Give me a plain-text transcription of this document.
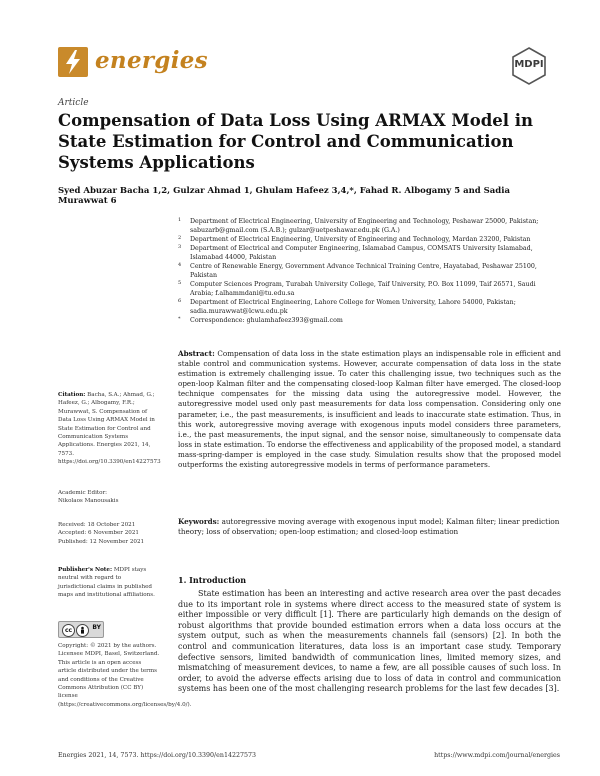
energies	MDPI
Article
Compensation of Data Loss Using ARMAX Model in State Estimation for Control and Communication Systems Applications
Syed Abuzar Bacha 1,2, Gulzar Ahmad 1, Ghulam Hafeez 3,4,*, Fahad R. Albogamy 5 and Sadia Murawwat 6
1 Department of Electrical Engineering, University of Engineering and Technology, Peshawar 25000, Pakistan; sabuzarb@gmail.com (S.A.B.); gulzar@uetpeshawar.edu.pk (G.A.)
2 Department of Electrical Engineering, University of Engineering and Technology, Mardan 23200, Pakistan
3 Department of Electrical and Computer Engineering, Islamabad Campus, COMSATS University Islamabad, Islamabad 44000, Pakistan
4 Centre of Renewable Energy, Government Advance Technical Training Centre, Hayatabad, Peshawar 25100, Pakistan
5 Computer Sciences Program, Turabah University College, Taif University, P.O. Box 11099, Taif 26571, Saudi Arabia; f.alhammdani@tu.edu.sa
6 Department of Electrical Engineering, Lahore College for Women University, Lahore 54000, Pakistan; sadia.murawwat@lcwu.edu.pk
* Correspondence: ghulamhafeez393@gmail.com
Abstract: Compensation of data loss in the state estimation plays an indispensable role in efficient and stable control and communication systems. However, accurate compensation of data loss in the state estimation is extremely challenging issue. To cater this challenging issue, two techniques such as the open-loop Kalman filter and the compensating closed-loop Kalman filter have emerged. The closed-loop technique compensates for the missing data using the autoregressive model. However, the autoregressive model used only past measurements for data loss compensation. Considering only one parameter, i.e., the past measurements, is insufficient and leads to inaccurate state estimation. Thus, in this work, autoregressive moving average with exogenous inputs model considers three parameters, i.e., the past measurements, the input signal, and the sensor noise, simultaneously to compensate data loss in state estimation. To endorse the effectiveness and applicability of the proposed model, a standard mass-spring-damper is employed in the case study. Simulation results show that the proposed model outperforms the existing autoregressive models in terms of performance parameters.
Keywords: autoregressive moving average with exogenous input model; Kalman filter; linear prediction theory; loss of observation; open-loop estimation; and closed-loop estimation
Citation: Bacha, S.A.; Ahmad, G.; Hafeez, G.; Albogamy, F.R.; Murawwat, S. Compensation of Data Loss Using ARMAX Model in State Estimation for Control and Communication Systems Applications. Energies 2021, 14, 7573. https://doi.org/10.3390/en14227573
Academic Editor:
Nikolaos Manousakis
Received: 18 October 2021
Accepted: 6 November 2021
Published: 12 November 2021
Publisher's Note: MDPI stays neutral with regard to jurisdictional claims in published maps and institutional affiliations.
cc	BY
Copyright: © 2021 by the authors. Licensee MDPI, Basel, Switzerland. This article is an open access article distributed under the terms and conditions of the Creative Commons Attribution (CC BY) license (https://creativecommons.org/licenses/by/4.0/).
1. Introduction
State estimation has been an interesting and active research area over the past decades due to its important role in systems where direct access to the measured state of system is either impossible or very difficult [1]. There are particularly high demands on the design of robust algorithms that provide bounded estimation errors when a data loss occurs at the system output, such as when the measurements channels fail (sensors) [2]. In both the control and communication literatures, data loss is an important case study. Temporary defective sensors, limited bandwidth of communication lines, limited memory sizes, and mismatching of measurement devices, to name a few, are all possible causes of such loss. In order, to avoid the adverse effects arising due to loss of data in control and communication systems has been one of the most challenging research problems for the last few decades [3].
Energies 2021, 14, 7573. https://doi.org/10.3390/en14227573	https://www.mdpi.com/journal/energies
